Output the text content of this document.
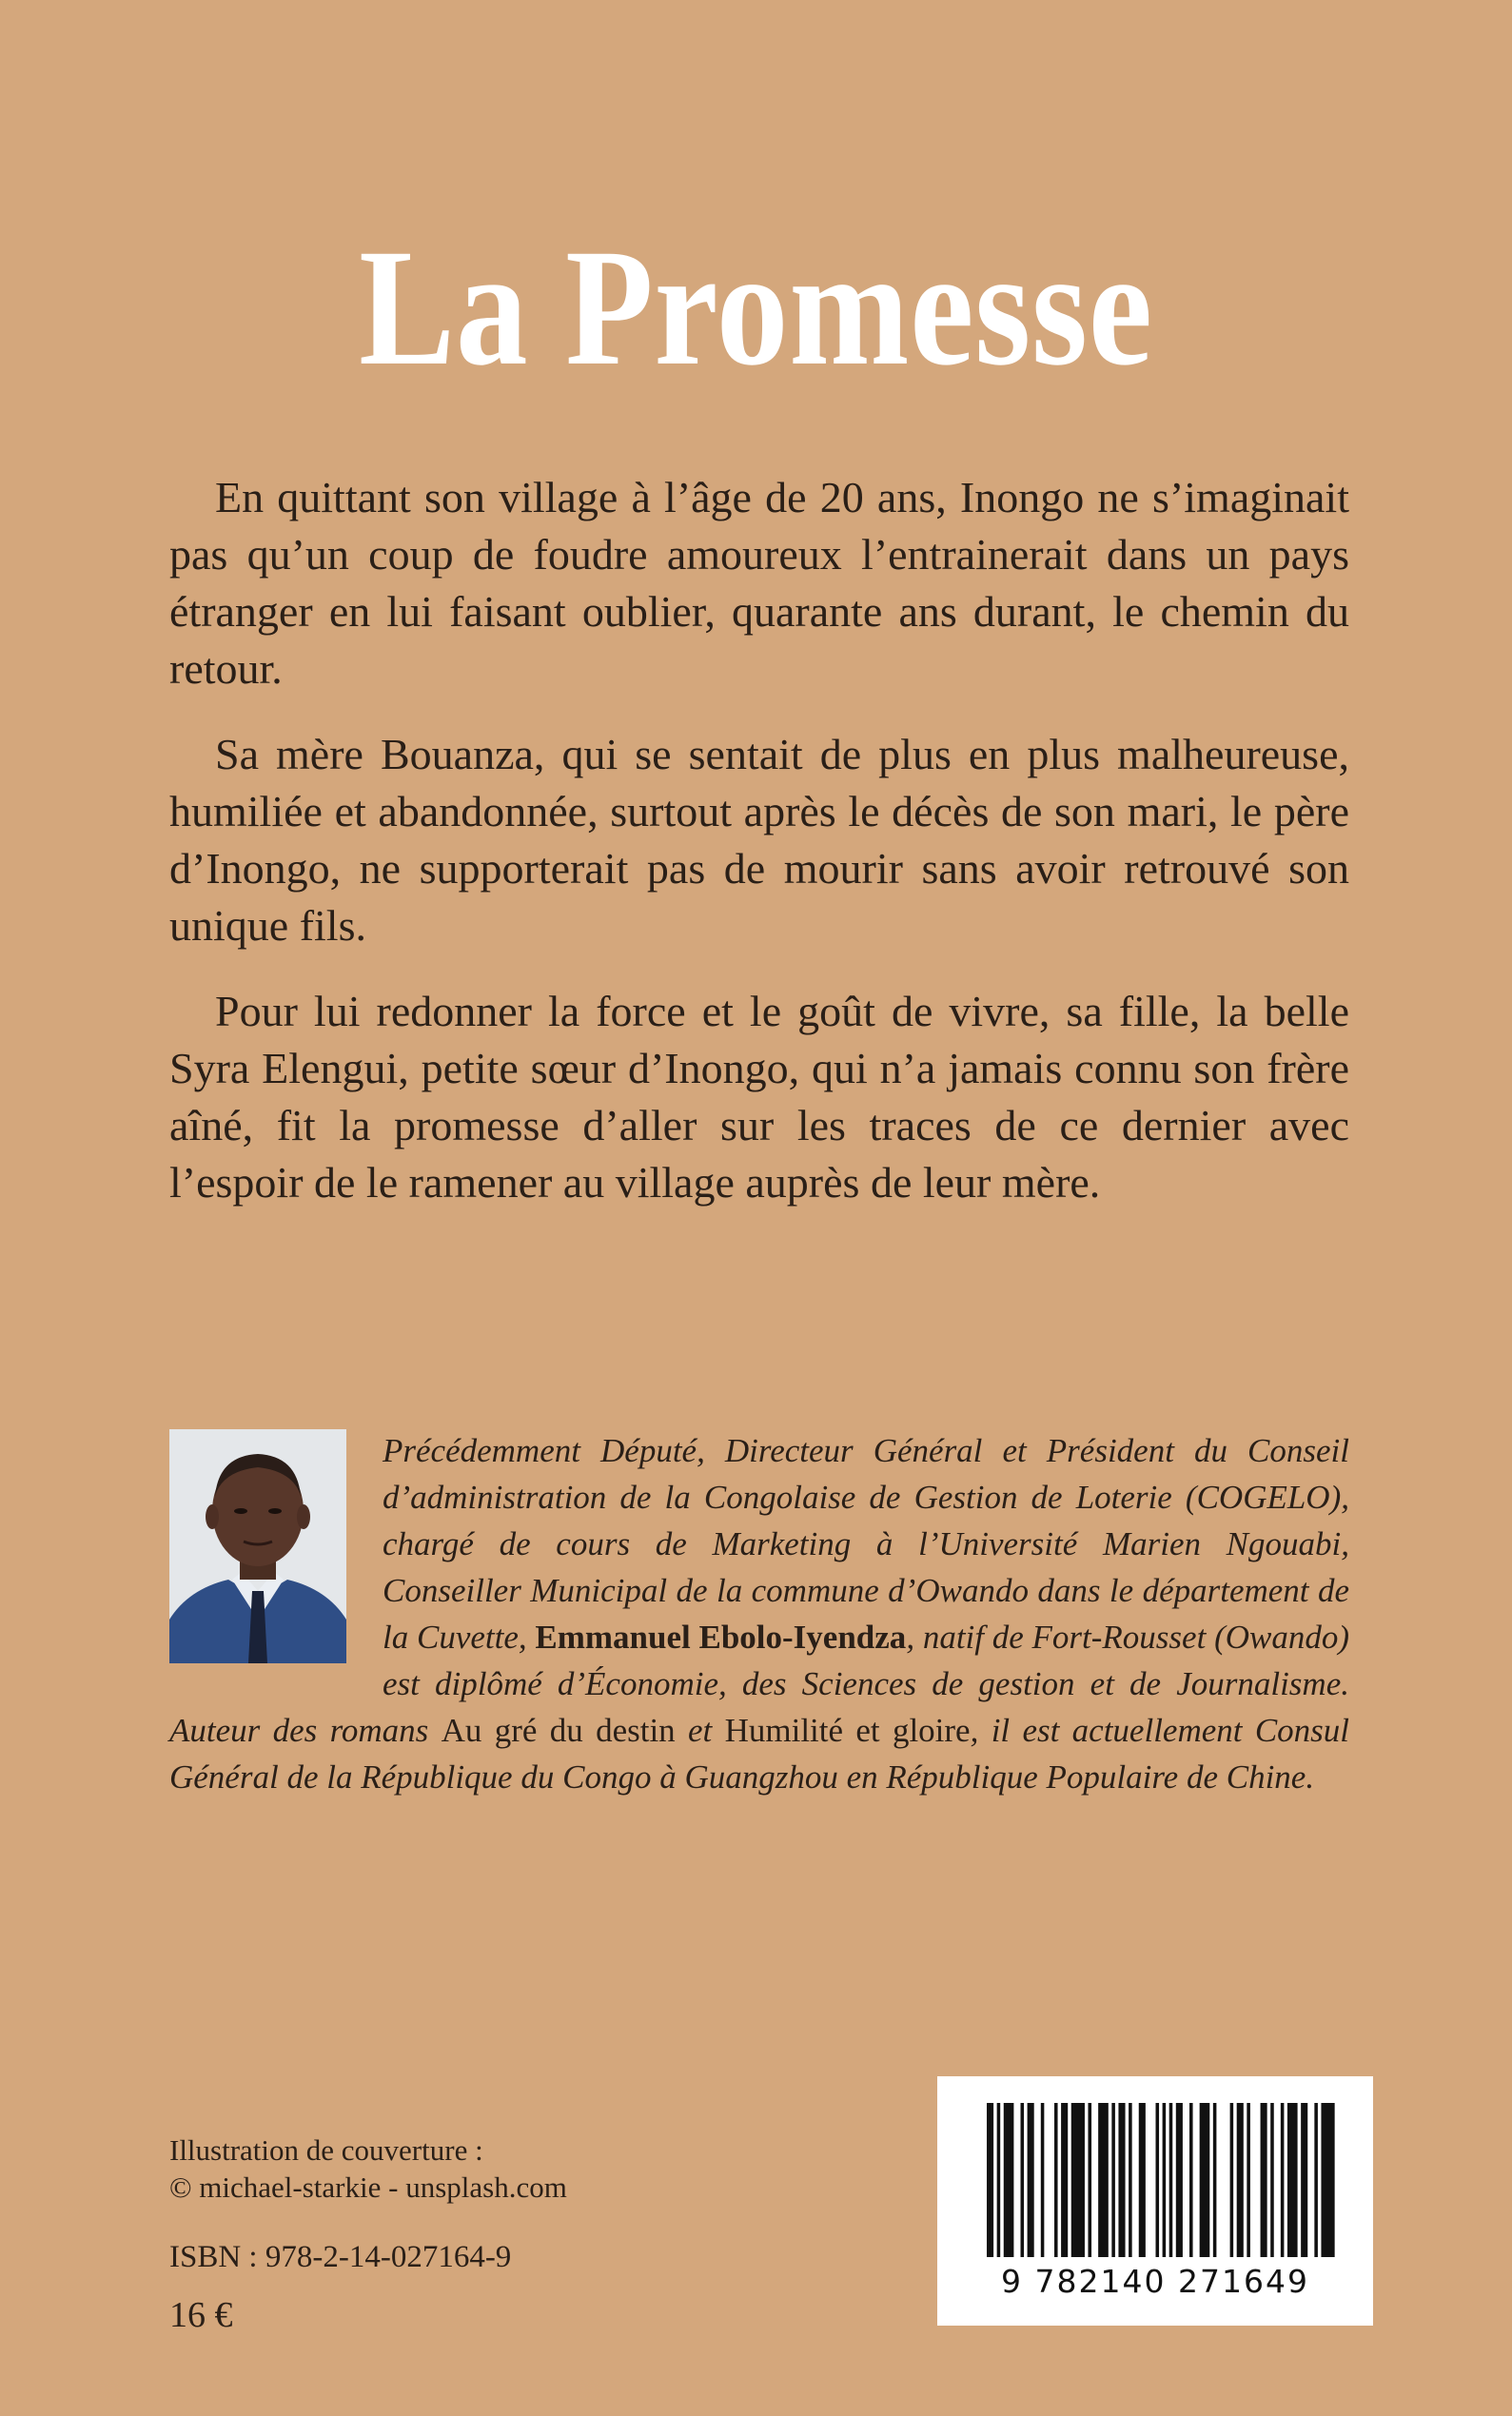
La Promesse

En quittant son village à l’âge de 20 ans, Inongo ne s’imaginait pas qu’un coup de foudre amoureux l’entrainerait dans un pays étranger en lui faisant oublier, quarante ans durant, le chemin du retour.

Sa mère Bouanza, qui se sentait de plus en plus malheureuse, humiliée et abandonnée, surtout après le décès de son mari, le père d’Inongo, ne supporterait pas de mourir sans avoir retrouvé son unique fils.

Pour lui redonner la force et le goût de vivre, sa fille, la belle Syra Elengui, petite sœur d’Inongo, qui n’a jamais connu son frère aîné, fit la promesse d’aller sur les traces de ce dernier avec l’espoir de le ramener au village auprès de leur mère.

Précédemment Député, Directeur Général et Président du Conseil d’administration de la Congolaise de Gestion de Loterie (COGELO), chargé de cours de Marketing à l’Université Marien Ngouabi, Conseiller Municipal de la commune d’Owando dans le département de la Cuvette, Emmanuel Ebolo-Iyendza, natif de Fort-Rousset (Owando) est diplômé d’Économie, des Sciences de gestion et de Journalisme. Auteur des romans Au gré du destin et Humilité et gloire, il est actuellement Consul Général de la République du Congo à Guangzhou en République Populaire de Chine.
Illustration de couverture :
© michael-starkie - unsplash.com
ISBN : 978-2-14-027164-9
16 €
9 782140 271649
